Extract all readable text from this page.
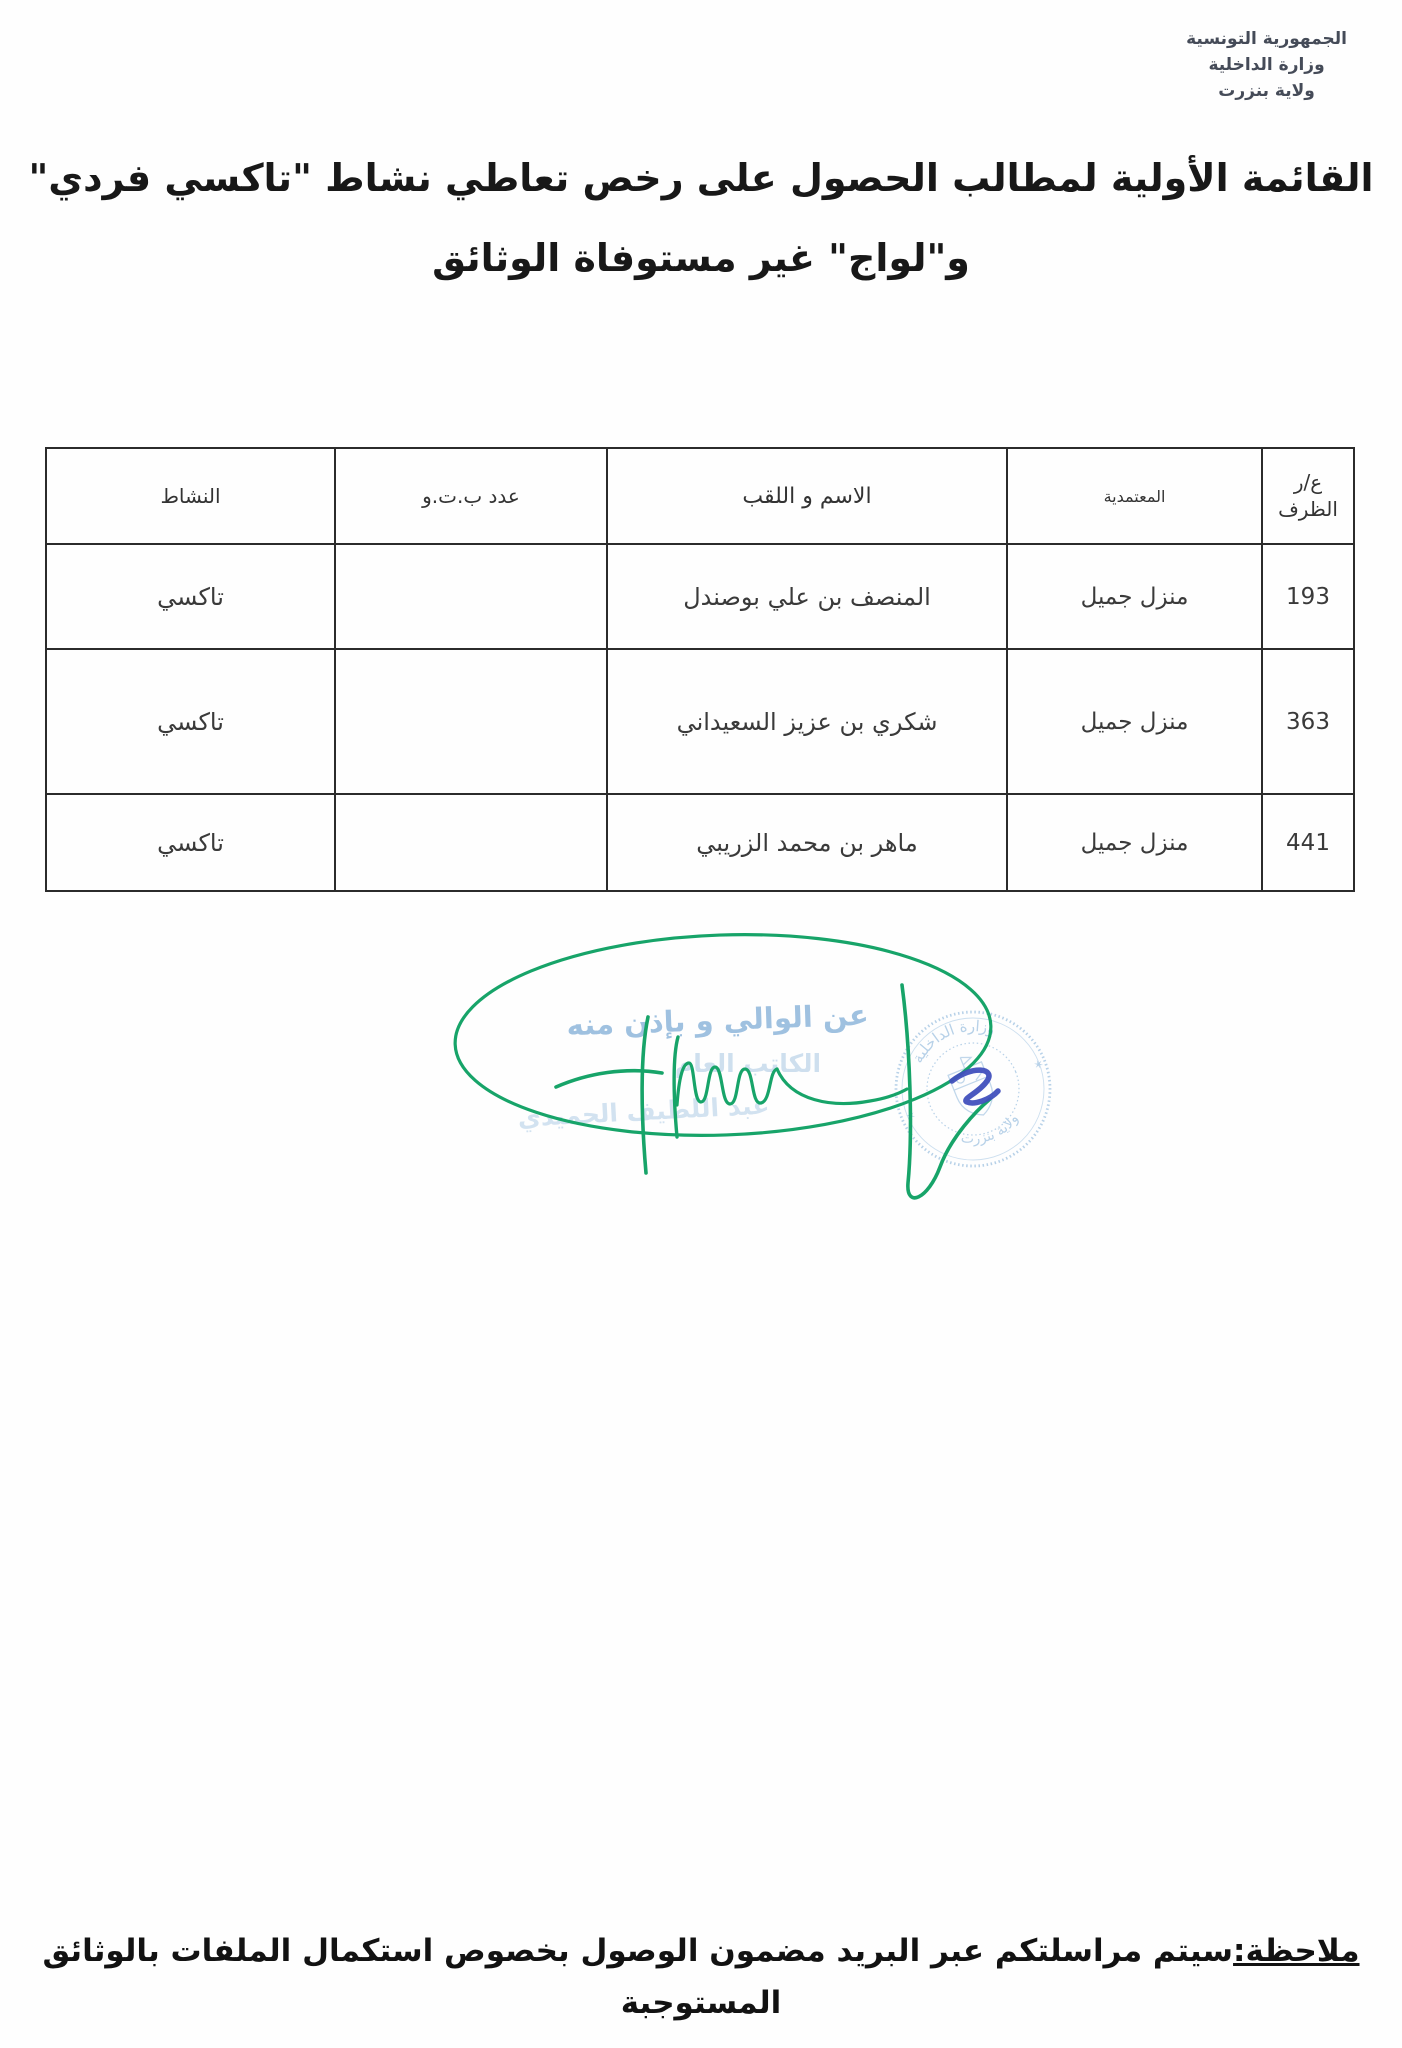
الجمهورية التونسية
وزارة الداخلية
ولاية بنزرت
القائمة الأولية لمطالب الحصول على رخص تعاطي نشاط "تاكسي فردي"
و"لواج" غير مستوفاة الوثائق
ع/ر
الظرف	المعتمدية	الاسم و اللقب	عدد ب.ت.و	النشاط
193	منزل جميل	المنصف بن علي بوصندل		تاكسي
363	منزل جميل	شكري بن عزيز السعيداني		تاكسي
441	منزل جميل	ماهر بن محمد الزريبي		تاكسي
عن الوالي و بإذن منه
الكاتب العام
عبد اللطيف الحميدي
وزارة الداخلية
ولاية بنزرت
✶
✶
ملاحظة:سيتم مراسلتكم عبر البريد مضمون الوصول بخصوص استكمال الملفات بالوثائق
المستوجبة
